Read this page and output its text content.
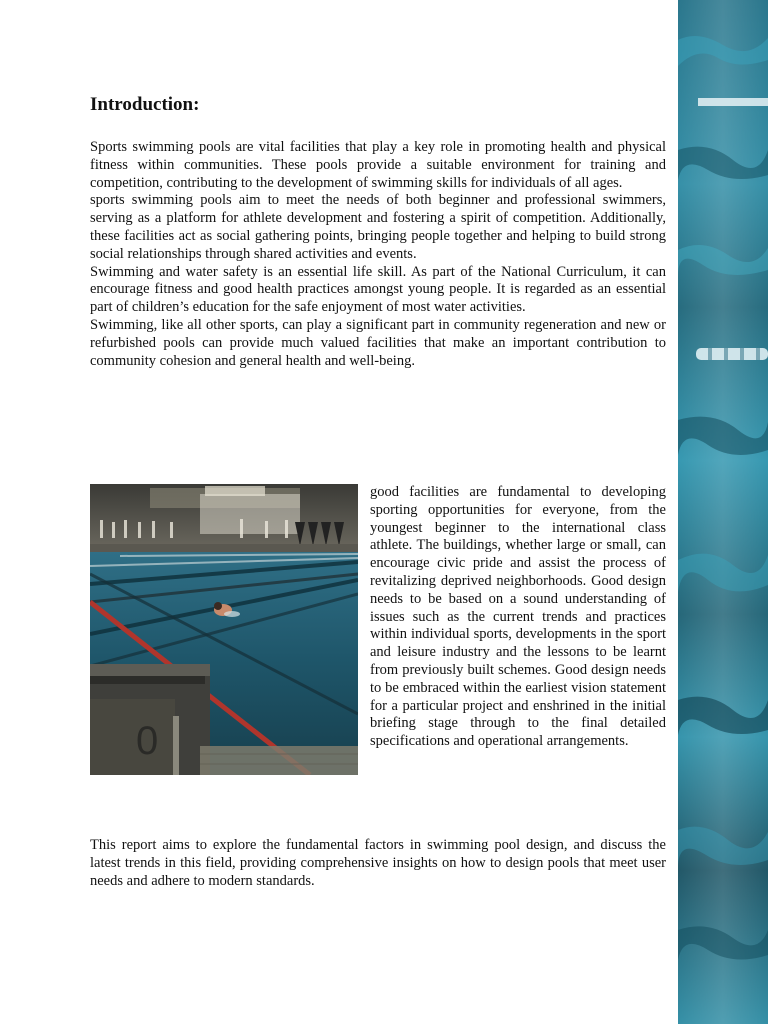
Introduction:

Sports swimming pools are vital facilities that play a key role in promoting health and physical fitness within communities. These pools provide a suitable environment for training and competition, contributing to the development of swimming skills for individuals of all ages.

sports swimming pools aim to meet the needs of both beginner and professional swimmers, serving as a platform for athlete development and fostering a spirit of competition. Additionally, these facilities act as social gathering points, bringing people together and helping to build strong social relationships through shared activities and events.

Swimming and water safety is an essential life skill. As part of the National Curriculum, it can encourage fitness and good health practices amongst young people. It is regarded as an essential part of children’s education for the safe enjoyment of most water activities.

Swimming, like all other sports, can play a significant part in community regeneration and new or refurbished pools can provide much valued facilities that make an important contribution to community cohesion and general health and well-being.

0

good facilities are fundamental to developing sporting opportunities for everyone, from the youngest beginner to the international class athlete. The buildings, whether large or small, can encourage civic pride and assist the process of revitalizing deprived neighborhoods. Good design needs to be based on a sound understanding of issues such as the current trends and practices within individual sports, developments in the sport and leisure industry and the lessons to be learnt from previously built schemes. Good design needs to be embraced within the earliest vision statement for a particular project and enshrined in the initial briefing stage through to the final detailed specifications and operational arrangements.

This report aims to explore the fundamental factors in swimming pool design, and discuss the latest trends in this field, providing comprehensive insights on how to design pools that meet user needs and adhere to modern standards.
